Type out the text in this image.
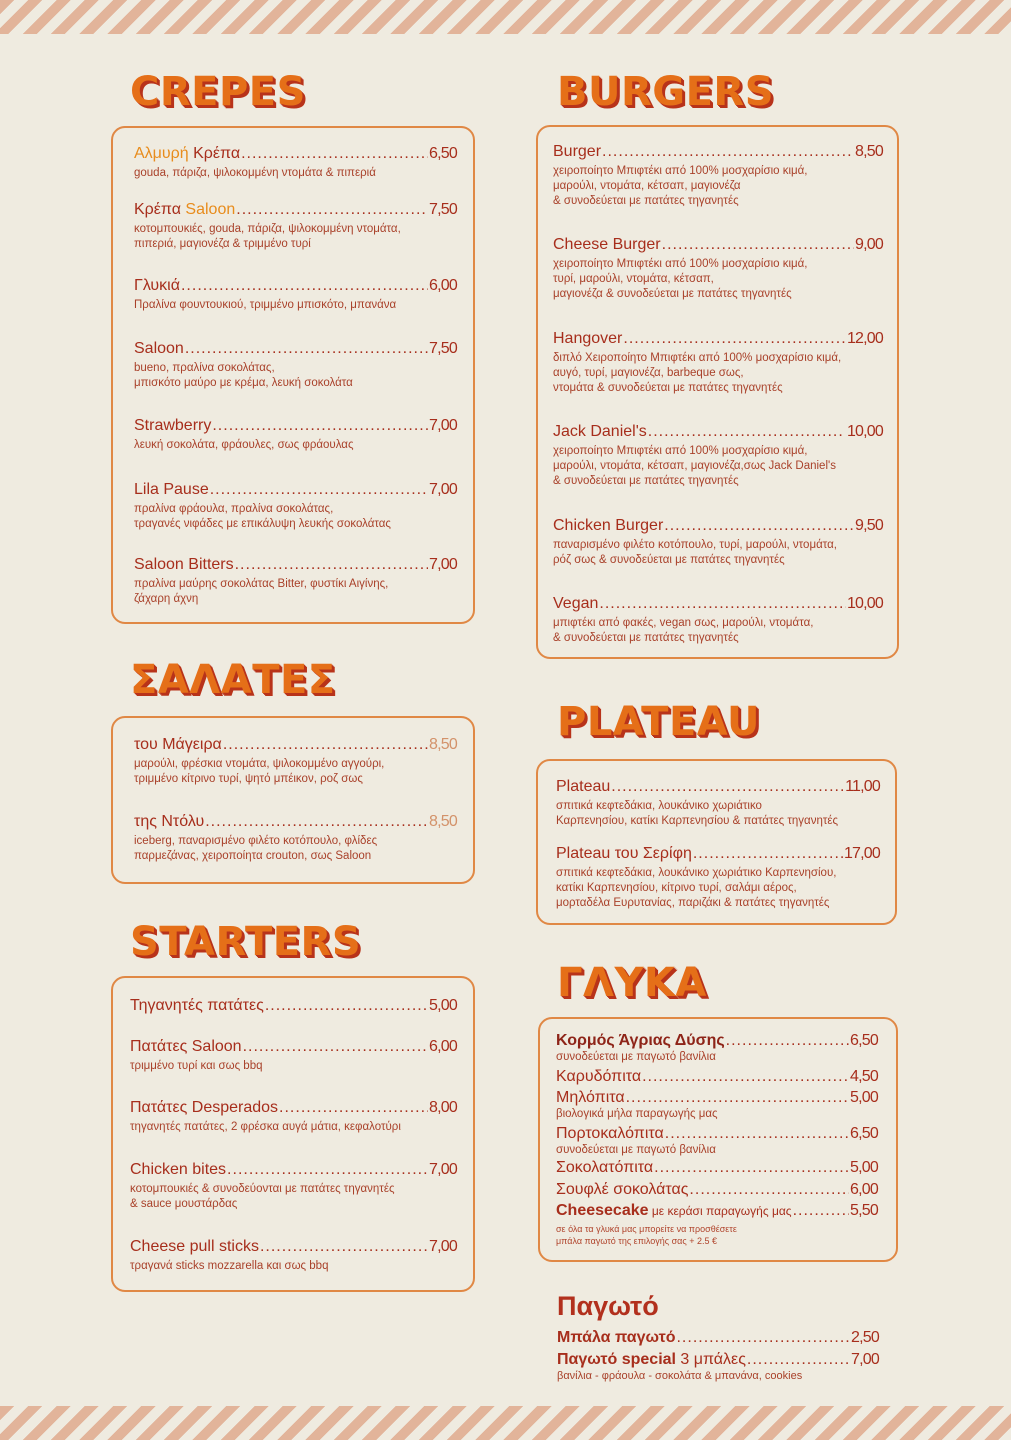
CREPES
Αλμυρή Κρέπα .....	6,50
gouda, πάριζα, ψιλοκομμένη ντομάτα & πιπεριά
Κρέπα Saloon .....	7,50
κοτομπουκιές, gouda, πάριζα, ψιλοκομμένη ντομάτα,
πιπεριά, μαγιονέζα & τριμμένο τυρί
Γλυκιά .....	6,00
Πραλίνα φουντουκιού, τριμμένο μπισκότο, μπανάνα
Saloon .....	7,50
bueno, πραλίνα σοκολάτας,
μπισκότο μαύρο με κρέμα, λευκή σοκολάτα
Strawberry .....	7,00
λευκή σοκολάτα, φράουλες, σως φράουλας
Lila Pause .....	7,00
πραλίνα φράουλα, πραλίνα σοκολάτας,
τραγανές νιφάδες με επικάλυψη λευκής σοκολάτας
Saloon Bitters .....	7,00
πραλίνα μαύρης σοκολάτας Bitter, φυστίκι Αιγίνης,
ζάχαρη άχνη
ΣΑΛΑΤΕΣ
του Μάγειρα .....	8,50
μαρούλι, φρέσκια ντομάτα, ψιλοκομμένο αγγούρι,
τριμμένο κίτρινο τυρί, ψητό μπέικον, ροζ σως
της Ντόλυ .....	8,50
iceberg, παναρισμένο φιλέτο κοτόπουλο, φλίδες
παρμεζάνας, χειροποίητα crouton, σως Saloon
STARTERS
Τηγανητές πατάτες .....	5,00
Πατάτες Saloon .....	6,00
τριμμένο τυρί και σως bbq
Πατάτες Desperados .....	8,00
τηγανητές πατάτες, 2 φρέσκα αυγά μάτια, κεφαλοτύρι
Chicken bites .....	7,00
κοτομπουκιές & συνοδεύονται με πατάτες τηγανητές
& sauce μουστάρδας
Cheese pull sticks .....	7,00
τραγανά sticks mozzarella και σως bbq
BURGERS
Burger .....	8,50
χειροποίητο Μπιφτέκι από 100% μοσχαρίσιο κιμά,
μαρούλι, ντομάτα, κέτσαπ, μαγιονέζα
& συνοδεύεται με πατάτες τηγανητές
Cheese Burger .....	9,00
χειροποίητο Μπιφτέκι από 100% μοσχαρίσιο κιμά,
τυρί, μαρούλι, ντομάτα, κέτσαπ,
μαγιονέζα & συνοδεύεται με πατάτες τηγανητές
Hangover .....	12,00
διπλό Χειροποίητο Μπιφτέκι από 100% μοσχαρίσιο κιμά,
αυγό, τυρί, μαγιονέζα, barbeque σως,
ντομάτα & συνοδεύεται με πατάτες τηγανητές
Jack Daniel's .....	10,00
χειροποίητο Μπιφτέκι από 100% μοσχαρίσιο κιμά,
μαρούλι, ντομάτα, κέτσαπ, μαγιονέζα,σως Jack Daniel's
& συνοδεύεται με πατάτες τηγανητές
Chicken Burger .....	9,50
παναρισμένο φιλέτο κοτόπουλο, τυρί, μαρούλι, ντομάτα,
ρόζ σως & συνοδεύεται με πατάτες τηγανητές
Vegan .....	10,00
μπιφτέκι από φακές, vegan σως, μαρούλι, ντομάτα,
& συνοδεύεται με πατάτες τηγανητές
PLATEAU
Plateau .....	11,00
σπιτικά κεφτεδάκια, λουκάνικο χωριάτικο
Καρπενησίου, κατίκι Καρπενησίου & πατάτες τηγανητές
Plateau του Σερίφη .....	17,00
σπιτικά κεφτεδάκια, λουκάνικο χωριάτικο Καρπενησίου,
κατίκι Καρπενησίου, κίτρινο τυρί, σαλάμι αέρος,
μορταδέλα Ευρυτανίας, παριζάκι & πατάτες τηγανητές
ΓΛΥΚΑ
Κορμός Άγριας Δύσης .....	6,50
συνοδεύεται με παγωτό βανίλια
Καρυδόπιτα .....	4,50
Μηλόπιτα .....	5,00
βιολογικά μήλα παραγωγής μας
Πορτοκαλόπιτα .....	6,50
συνοδεύεται με παγωτό βανίλια
Σοκολατόπιτα .....	5,00
Σουφλέ σοκολάτας .....	6,00
Cheesecake με κεράσι παραγωγής μας .....	5,50
σε όλα τα γλυκά μας μπορείτε να προσθέσετε
μπάλα παγωτό της επιλογής σας + 2.5 €
Παγωτό
Μπάλα παγωτό .....	2,50
Παγωτό special 3 μπάλες .....	7,00
βανίλια - φράουλα - σοκολάτα & μπανάνα, cookies
